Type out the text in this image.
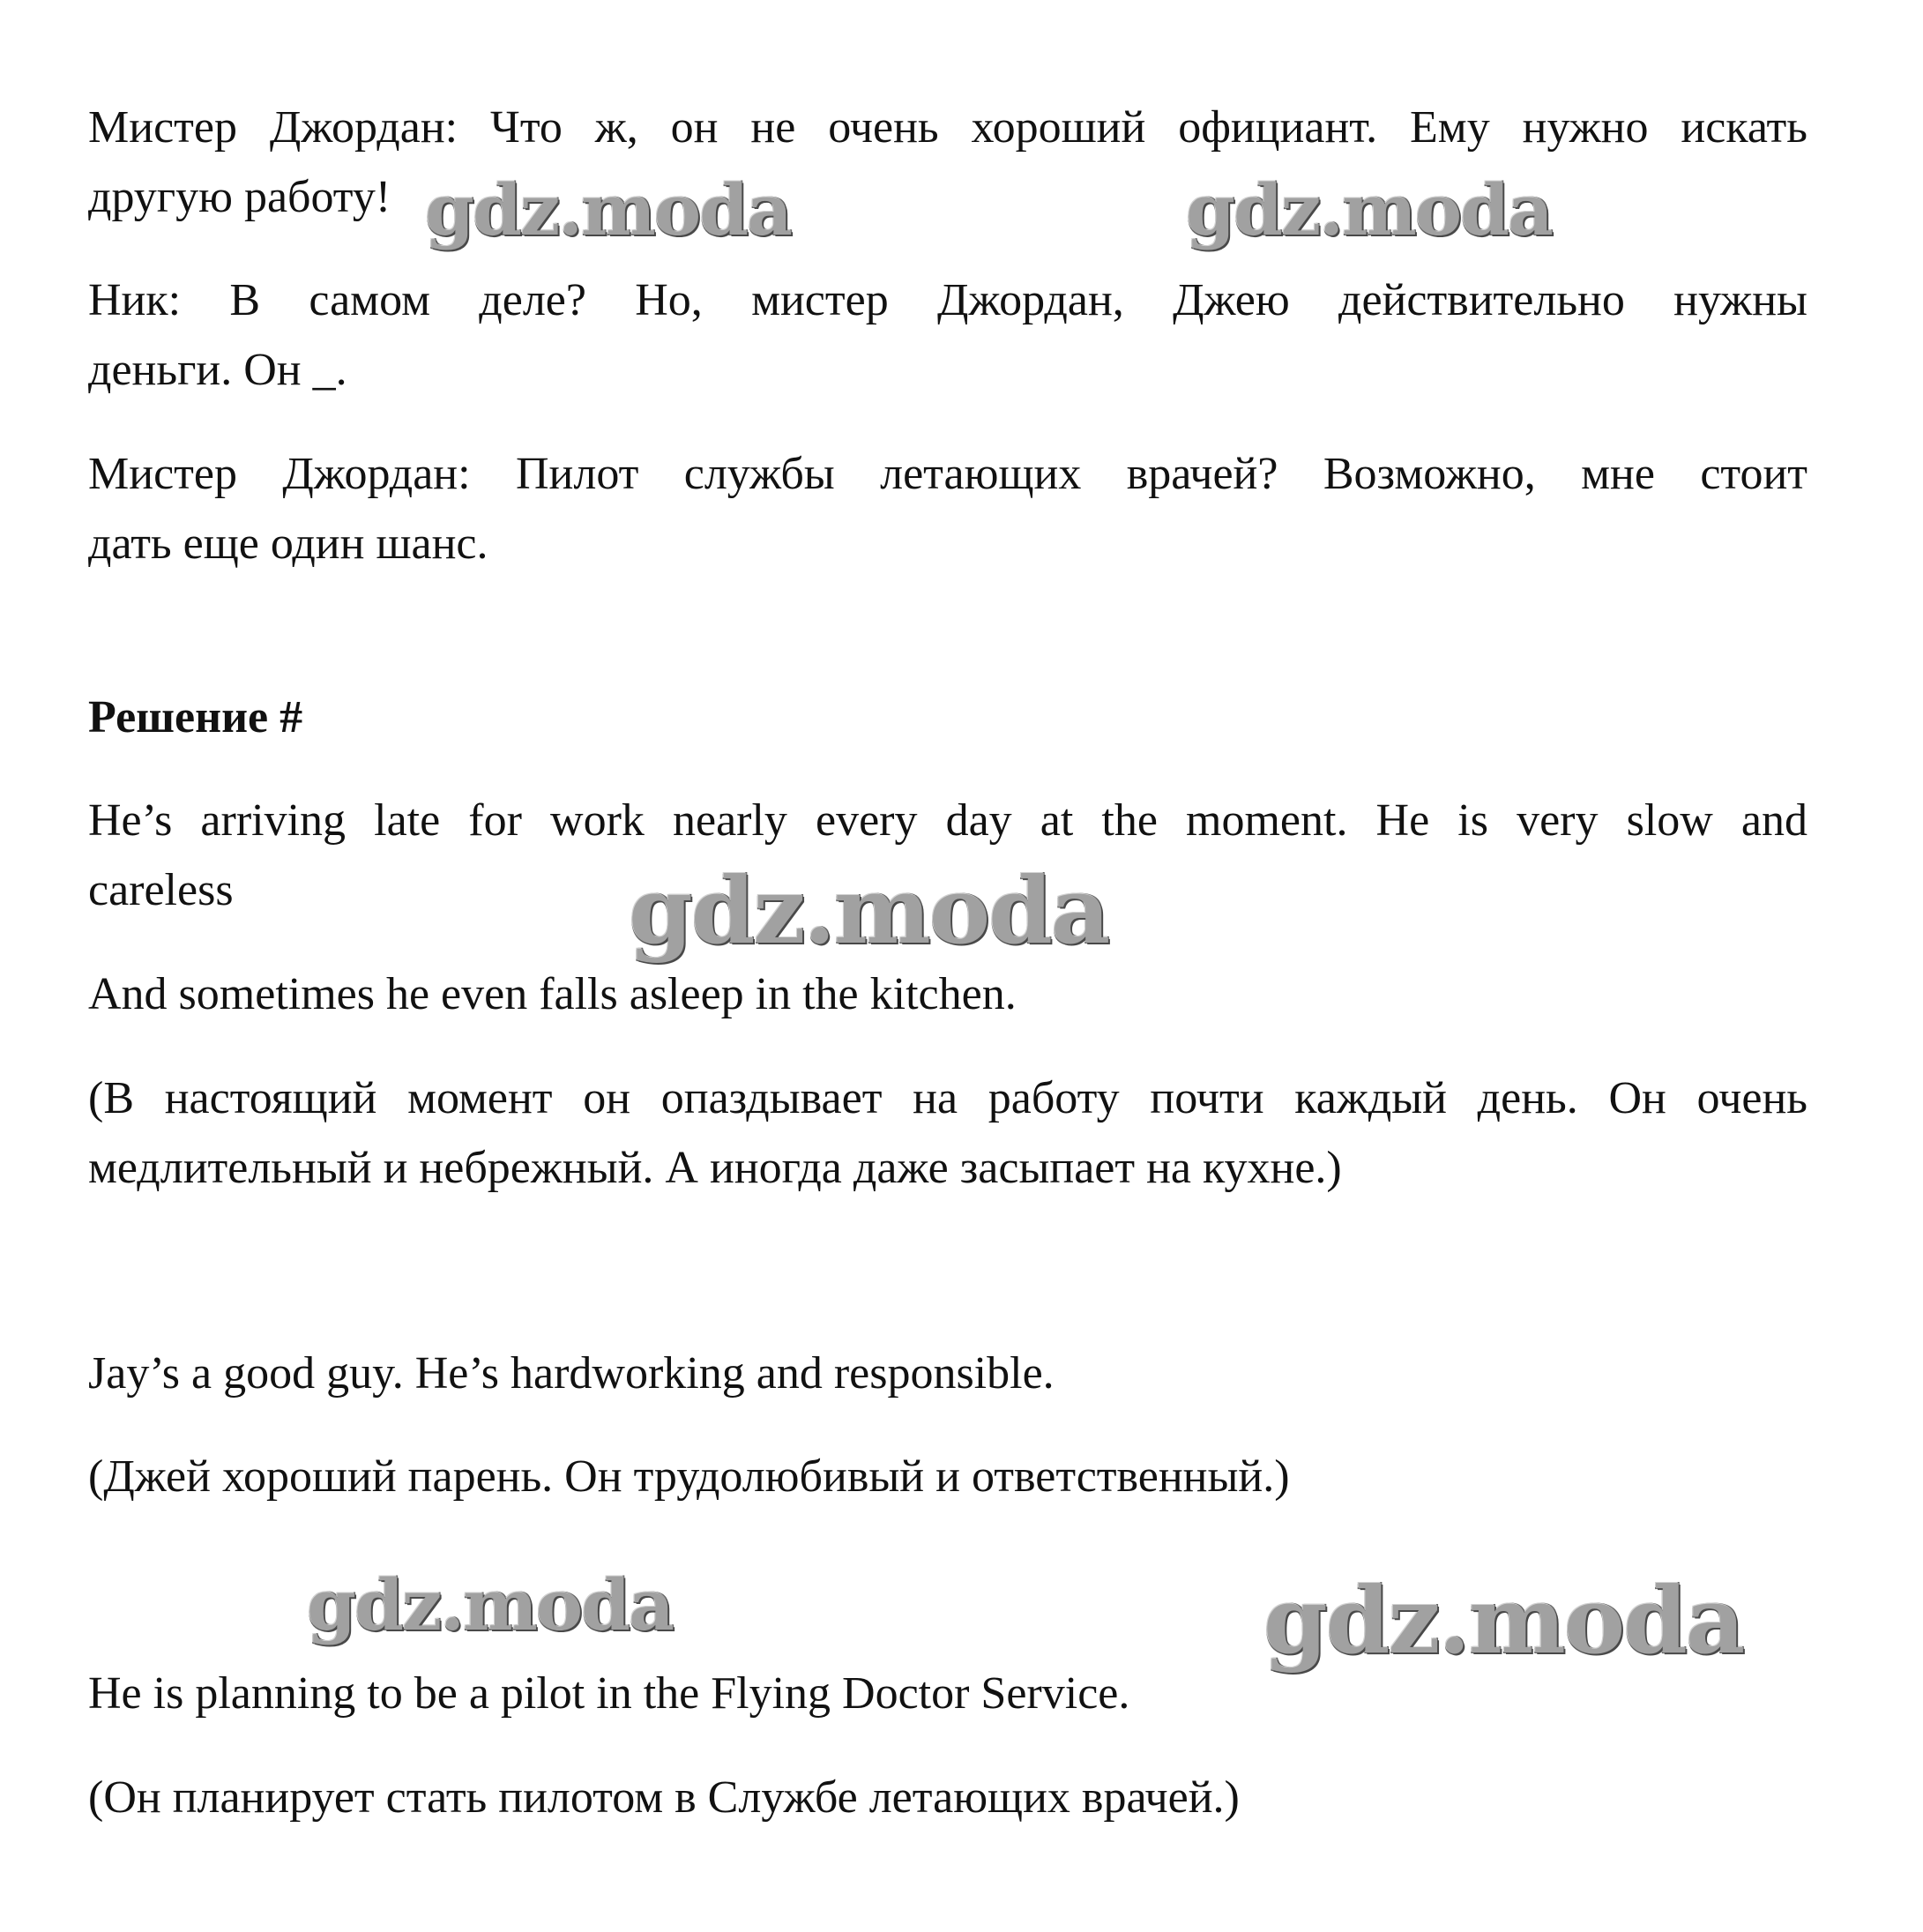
Мистер Джордан: Что ж, он не очень хороший официант. Ему нужно искать
другую работу!
Ник: В самом деле? Но, мистер Джордан, Джею действительно нужны
деньги. Он _.
Мистер Джордан: Пилот службы летающих врачей? Возможно, мне стоит
дать еще один шанс.
Решение #
He’s arriving late for work nearly every day at the moment. He is very slow and
careless
And sometimes he even falls asleep in the kitchen.
(В настоящий момент он опаздывает на работу почти каждый день. Он очень
медлительный и небрежный. А иногда даже засыпает на кухне.)
Jay’s a good guy. He’s hardworking and responsible.
(Джей хороший парень. Он трудолюбивый и ответственный.)
He is planning to be a pilot in the Flying Doctor Service.
(Он планирует стать пилотом в Службе летающих врачей.)
gdz.moda	gdz.moda
gdz.moda
gdz.moda	gdz.moda
